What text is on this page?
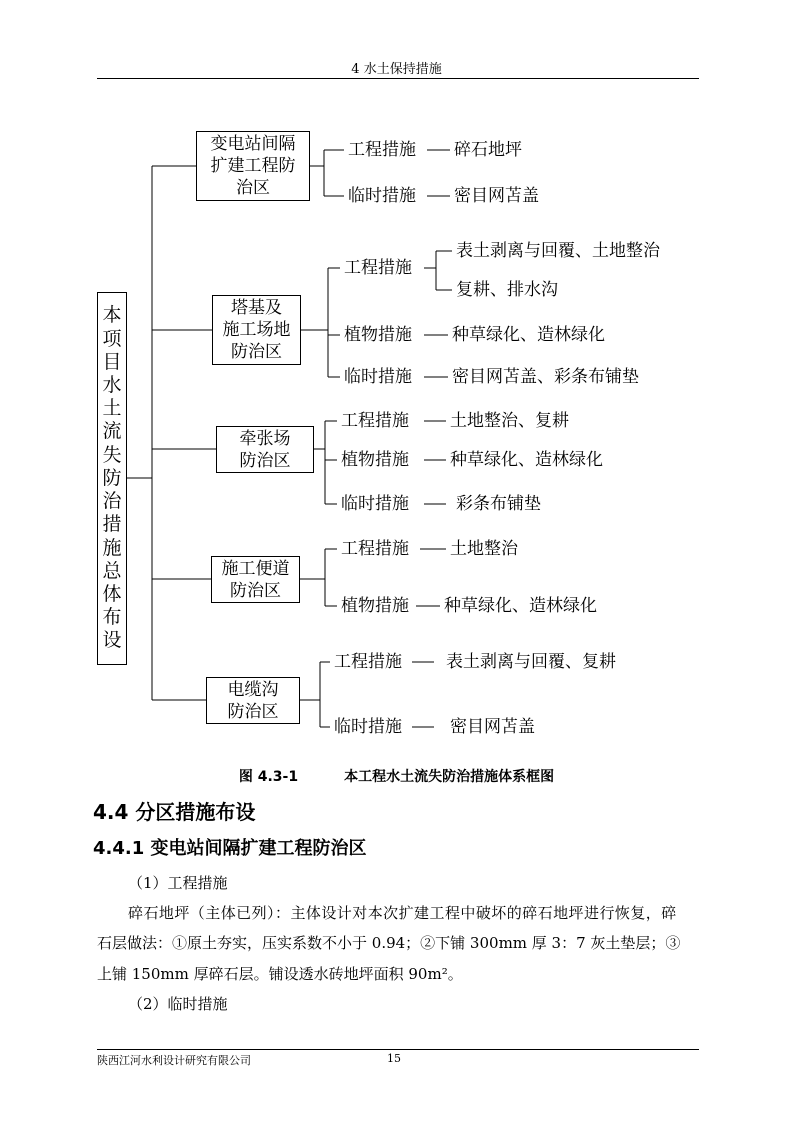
4 水土保持措施
本项目水土流失防治措施总体布设
变电站间隔
扩建工程防
治区
塔基及
施工场地
防治区
牵张场
防治区
施工便道
防治区
电缆沟
防治区
工程措施 碎石地坪
临时措施 密目网苫盖
工程措施
表土剥离与回覆、土地整治
复耕、排水沟
植物措施 种草绿化、造林绿化
临时措施 密目网苫盖、彩条布铺垫
工程措施 土地整治、复耕
植物措施 种草绿化、造林绿化
临时措施	彩条布铺垫
工程措施 土地整治
植物措施 种草绿化、造林绿化
工程措施	表土剥离与回覆、复耕
临时措施	密目网苫盖
图 4.3-1	本工程水土流失防治措施体系框图
4.4 分区措施布设
4.4.1 变电站间隔扩建工程防治区
（1）工程措施
碎石地坪（主体已列）：主体设计对本次扩建工程中破坏的碎石地坪进行恢复，碎
石层做法：①原土夯实，压实系数不小于 0.94；②下铺 300mm 厚 3：7 灰土垫层；③
上铺 150mm 厚碎石层。铺设透水砖地坪面积 90m²。
（2）临时措施
陕西江河水利设计研究有限公司	15
